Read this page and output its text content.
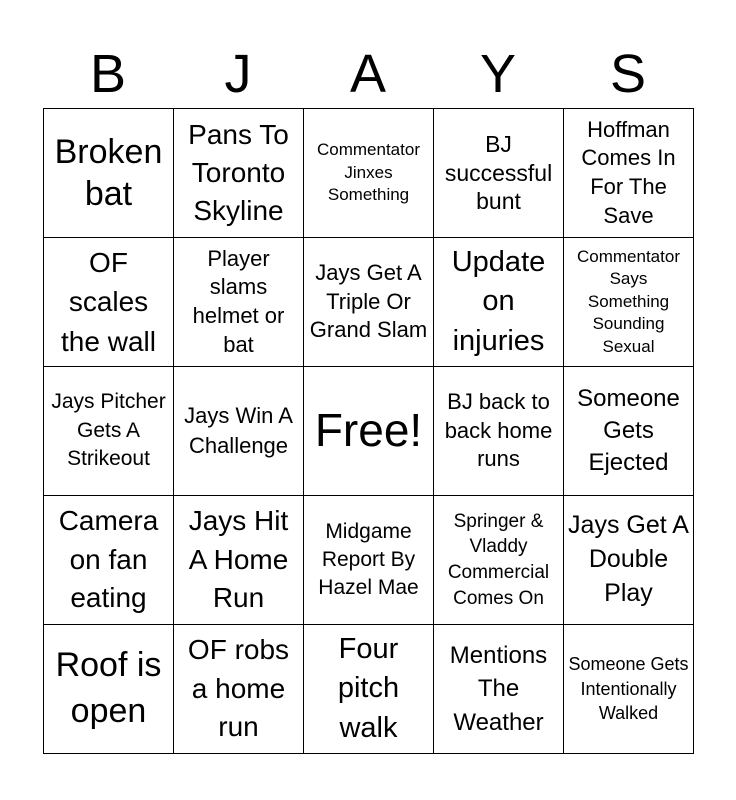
B	J	A	Y	S
Broken bat	Pans To Toronto Skyline	Commentator Jinxes Something	BJ successful bunt	Hoffman Comes In For The Save
OF scales the wall	Player slams helmet or bat	Jays Get A Triple Or Grand Slam	Update on injuries	Commentator Says Something Sounding Sexual
Jays Pitcher Gets A Strikeout	Jays Win A Challenge	Free!	BJ back to back home runs	Someone Gets Ejected
Camera on fan eating	Jays Hit A Home Run	Midgame Report By Hazel Mae	Springer & Vladdy Commercial Comes On	Jays Get A Double Play
Roof is open	OF robs a home run	Four pitch walk	Mentions The Weather	Someone Gets Intentionally Walked
